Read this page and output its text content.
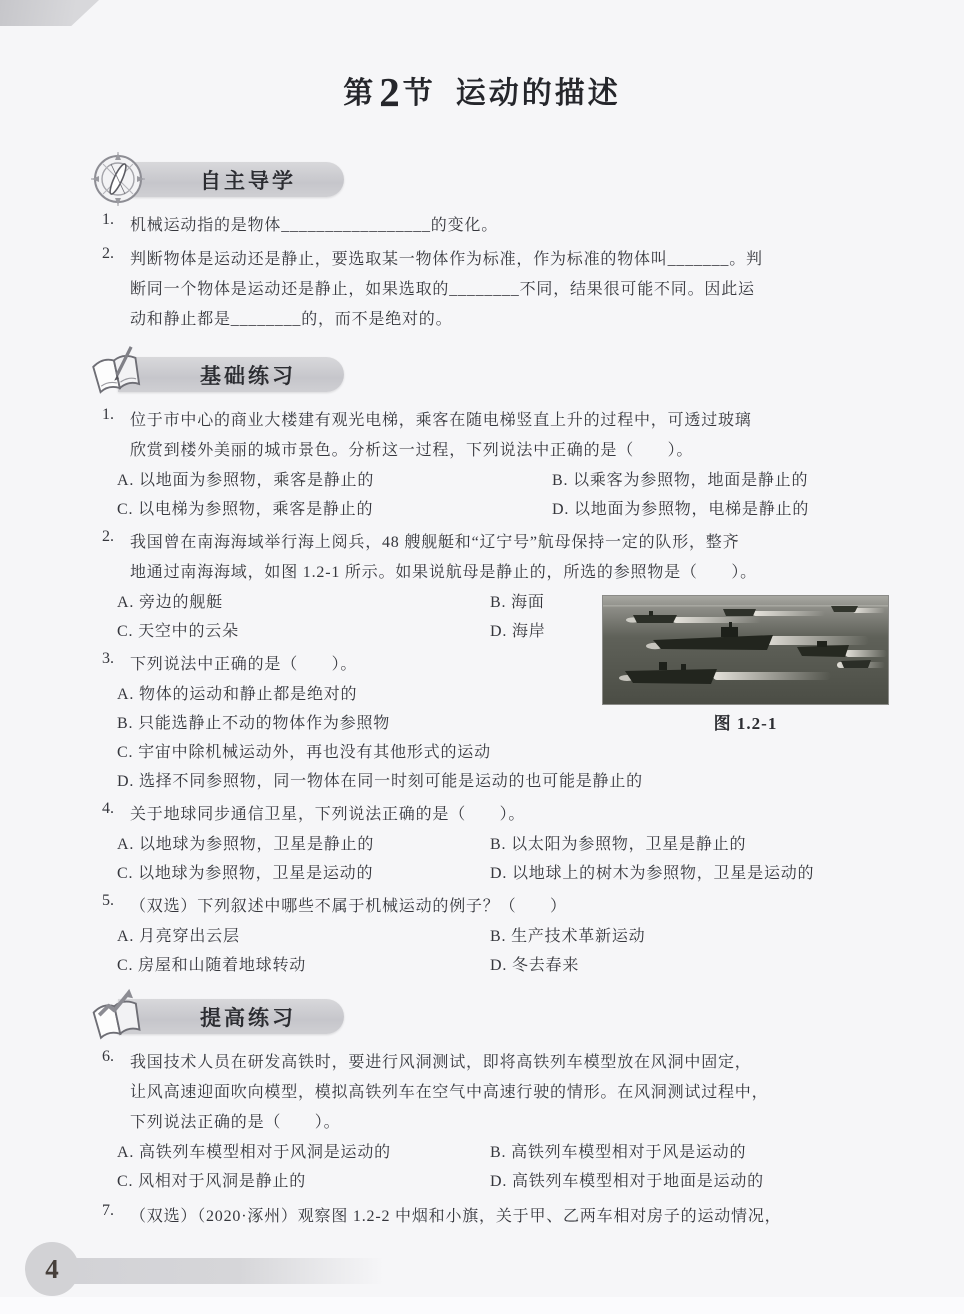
第2 节 运动的描述
自主导学
1. 机械运动指的是物体_________________的变化。
2. 判断物体是运动还是静止，要选取某一物体作为标准，作为标准的物体叫_______。判
断同一个物体是运动还是静止，如果选取的________不同，结果很可能不同。因此运
动和静止都是________的，而不是绝对的。
基础练习
1. 位于市中心的商业大楼建有观光电梯，乘客在随电梯竖直上升的过程中，可透过玻璃
欣赏到楼外美丽的城市景色。分析这一过程，下列说法中正确的是（　　）。
A. 以地面为参照物，乘客是静止的	B. 以乘客为参照物，地面是静止的
C. 以电梯为参照物，乘客是静止的	D. 以地面为参照物，电梯是静止的
2. 我国曾在南海海域举行海上阅兵，48 艘舰艇和“辽宁号”航母保持一定的队形，整齐
地通过南海海域，如图 1.2-1 所示。如果说航母是静止的，所选的参照物是（　　）。
A. 旁边的舰艇	B. 海面
C. 天空中的云朵	D. 海岸
3. 下列说法中正确的是（　　）。
A. 物体的运动和静止都是绝对的
B. 只能选静止不动的物体作为参照物
C. 宇宙中除机械运动外，再也没有其他形式的运动
D. 选择不同参照物，同一物体在同一时刻可能是运动的也可能是静止的
4. 关于地球同步通信卫星，下列说法正确的是（　　）。
A. 以地球为参照物，卫星是静止的	B. 以太阳为参照物，卫星是静止的
C. 以地球为参照物，卫星是运动的	D. 以地球上的树木为参照物，卫星是运动的
5. （双选）下列叙述中哪些不属于机械运动的例子？（　　）
A. 月亮穿出云层	B. 生产技术革新运动
C. 房屋和山随着地球转动	D. 冬去春来
提高练习
6. 我国技术人员在研发高铁时，要进行风洞测试，即将高铁列车模型放在风洞中固定，
让风高速迎面吹向模型，模拟高铁列车在空气中高速行驶的情形。在风洞测试过程中，
下列说法正确的是（　　）。
A. 高铁列车模型相对于风洞是运动的	B. 高铁列车模型相对于风是运动的
C. 风相对于风洞是静止的	D. 高铁列车模型相对于地面是运动的
7. （双选）（2020·涿州）观察图 1.2-2 中烟和小旗，关于甲、乙两车相对房子的运动情况，
图 1.2-1
4
